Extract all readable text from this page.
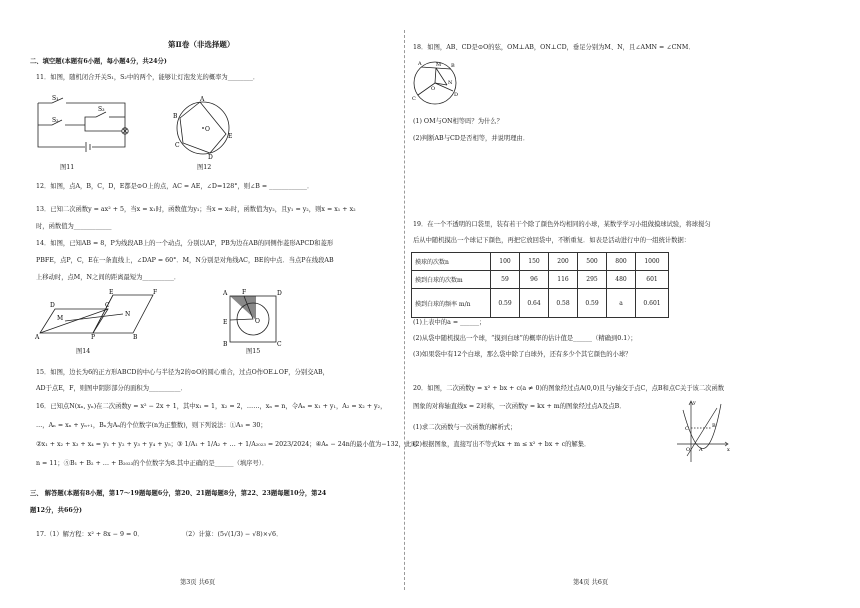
第Ⅱ卷（非选择题）
二、填空题(本题有6小题，每小题4分，共24分)
11．如图，随机闭合开关S₁，S₂中的两个，能够让灯泡发光的概率为________．
S₁
S₂
S₃
图11
A
B
C
D
E
O
图12
12．如图，点A，B，C，D，E都是⊙O上的点，AC = AE，∠D=128°，则∠B = ____________．
13．已知二次函数y = ax² + 5，当x = x₁时，函数值为y₁；当x = x₂时，函数值为y₂，且y₁ = y₂，则x = x₁ + x₂
时，函数值为____________
14．如图，已知AB = 8，P为线段AB上的一个动点，分别以AP，PB为边在AB的同侧作菱形APCD和菱形
PBFE，点P，C，E在一条直线上，∠DAP = 60°．M，N分别是对角线AC，BE的中点．当点P在线段AB
上移动时，点M，N之间的距离最短为__________．
A	B
C
D
E	F
M
N
P
图14
A
B	C
D
E
F
O
图15
15．如图，边长为6的正方形ABCD的中心与半径为2的⊙O的圆心重合，过点O作OE⊥OF，分别交AB，
AD于点E，F，则图中阴影部分的面积为__________．
16．已知点N(xₙ, yₙ)在二次函数y = x² − 2x + 1，其中x₁ = 1，x₂ = 2，……，xₙ = n，令Aₙ = x₁ + y₁，A₂ = x₂ + y₂，
…，Aₙ = xₙ + yₙ₊₁，Bₙ为Aₙ的个位数字(n为正整数)，则下列说法：①A₅ = 30；
②x₁ + x₂ + x₃ + x₄ = y₁ + y₂ + y₃ + y₄ + y₅；③ 1/A₁ + 1/A₂ + … + 1/A₂₀₂₃ = 2023/2024；④Aₙ − 24n的最小值为−132，此时
n = 11；⑤B₁ + B₂ + … + B₂₀₂₃的个位数字为8.其中正确的是______（填序号）．
三、 解答题(本题有8小题，第17～19题每题6分，第20、21题每题8分，第22、23题每题10分，第24
题12分，共66分)
17.（1）解方程：x² + 8x − 9 = 0．	（2）计算：(5√(1/3) − √8)×√6．
第3页 共6页
18．如图，AB、CD是⊙O的弦，OM⊥AB，ON⊥CD，垂足分别为M、N，且∠AMN = ∠CNM．
A	B
C
D
M
N
O
(1) OM与ON相等吗？为什么？
(2)判断AB与CD是否相等，并说明理由．
19．在一个不透明的口袋里，装有若干个除了颜色外均相同的小球，某数学学习小组做摸球试验，将球搅匀
后从中随机摸出一个球记下颜色，再把它放回袋中，不断重复．如表是活动进行中的一组统计数据：
摸球的次数n	100	150	200	500	800	1000
摸到白球的次数m	59	96	116	295	480	601
摸到白球的频率 m/n	0.59	0.64	0.58	0.59	a	0.601
(1)上表中的a = ______；
(2)从袋中随机摸出一个球，“摸到白球”的概率的估计值是______（精确到0.1）；
(3)如果袋中有12个白球，那么袋中除了白球外，还有多少个其它颜色的小球？
20．如图，二次函数y = x² + bx + c(a ≠ 0)的图象经过点A(0,0)且与y轴交于点C，点B和点C关于该二次函数
图象的对称轴直线x = 2对称，一次函数y = kx + m的图象经过点A及点B．
(1)求二次函数与一次函数的解析式；
(2)根据图象，直接写出不等式kx + m ≤ x² + bx + c的解集．
x
y
O
C	B
A
第4页 共6页
